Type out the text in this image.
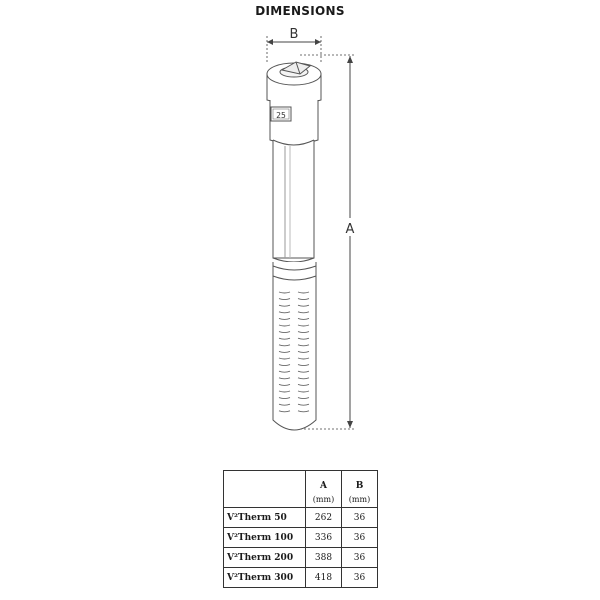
DIMENSIONS
B
A
25
	A	B
	(mm)	(mm)
V²Therm 50	262	36
V²Therm 100	336	36
V²Therm 200	388	36
V²Therm 300	418	36
